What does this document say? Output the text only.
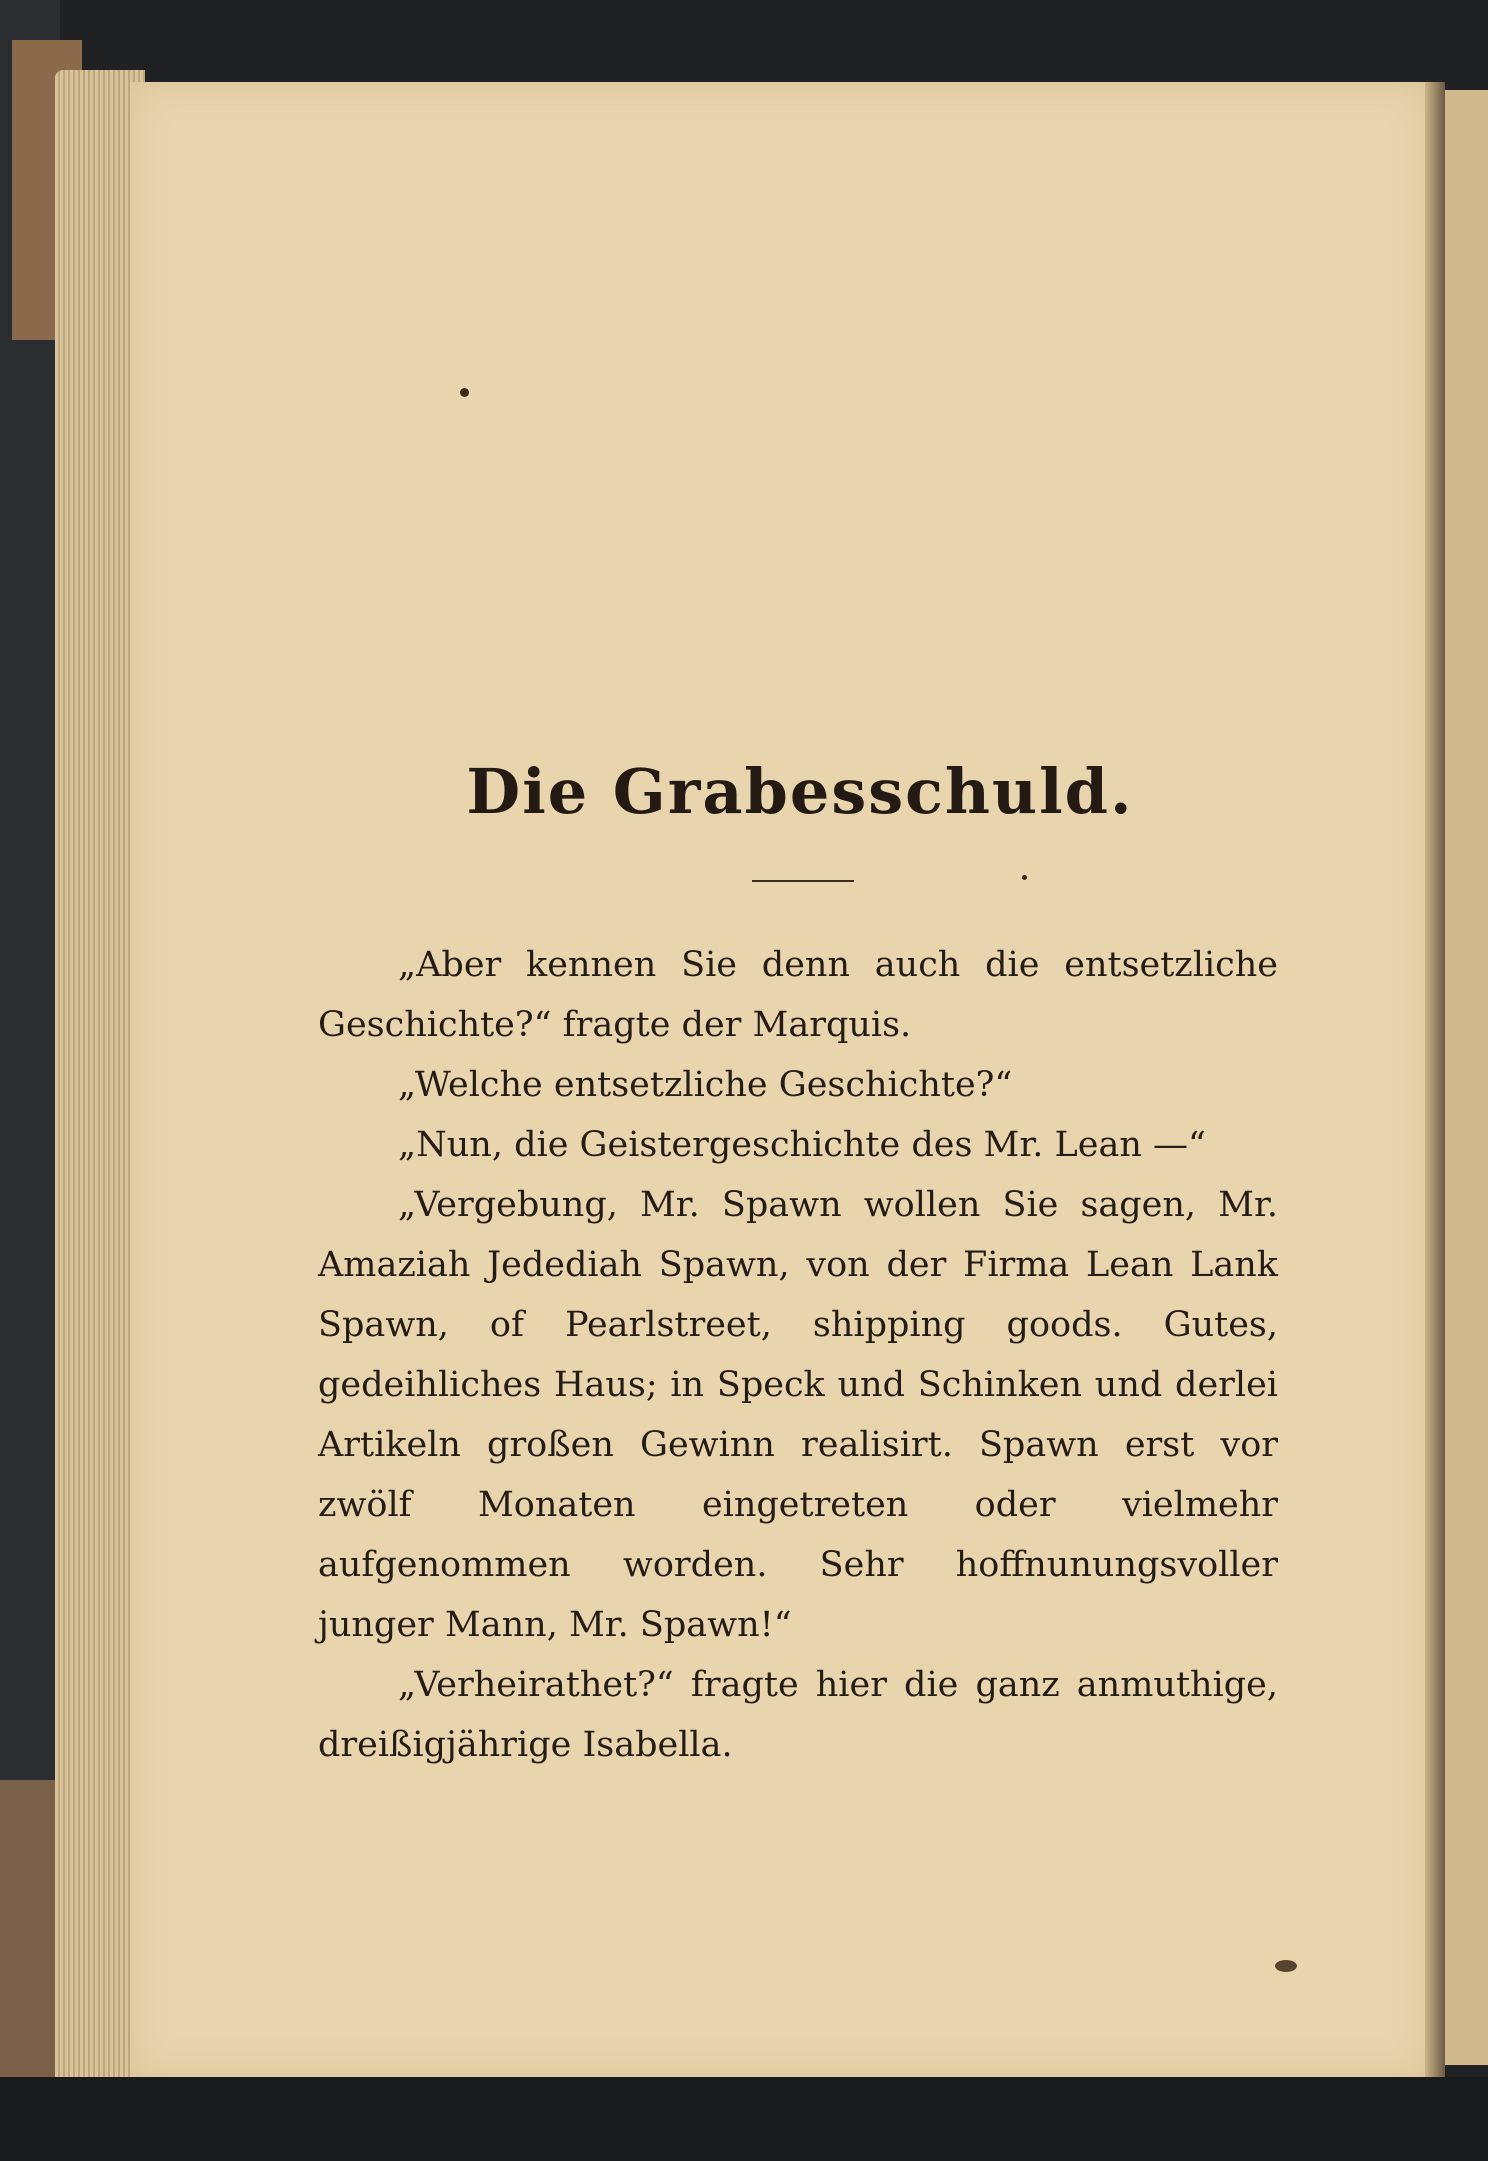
Die Grabesschuld.

„Aber kennen Sie denn auch die entsetzliche Geschichte?“ fragte der Marquis.

„Welche entsetzliche Geschichte?“

„Nun, die Geistergeschichte des Mr. Lean —“

„Vergebung, Mr. Spawn wollen Sie sagen, Mr. Amaziah Jedediah Spawn, von der Firma Lean Lank Spawn, of Pearlstreet, shipping goods. Gutes, gedeihliches Haus; in Speck und Schinken und derlei Artikeln großen Gewinn realisirt. Spawn erst vor zwölf Monaten eingetreten oder vielmehr aufgenommen worden. Sehr hoffnunungsvoller junger Mann, Mr. Spawn!“

„Verheirathet?“ fragte hier die ganz anmuthige, dreißigjährige Isabella.
